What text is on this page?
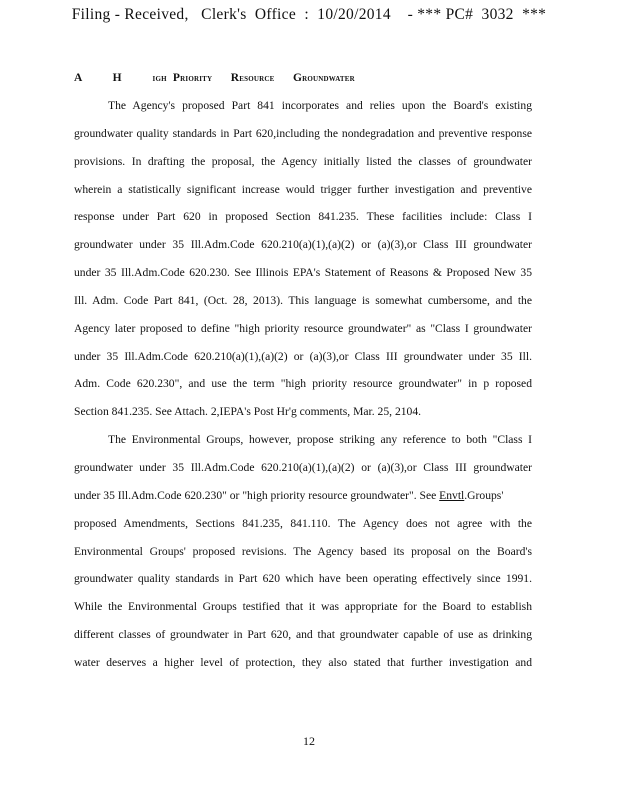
Filing - Received,   Clerk's  Office  :  10/20/2014    - *** PC#  3032  ***
A	H	IGH PRIORITY RESOURCE GROUNDWATER
The Agency's proposed Part 841 incorporates and relies upon the Board's existing
groundwater quality standards in Part 620,including the nondegradation and preventive response
provisions. In drafting the proposal, the Agency initially listed the classes of groundwater
wherein a statistically significant increase would trigger further investigation and preventive
response under Part 620 in proposed Section 841.235. These facilities include: Class I
groundwater under 35 Ill.Adm.Code 620.210(a)(1),(a)(2) or (a)(3),or Class III groundwater
under 35 Ill.Adm.Code 620.230. See Illinois EPA's Statement of Reasons & Proposed New 35
Ill. Adm. Code Part 841, (Oct. 28, 2013). This language is somewhat cumbersome, and the
Agency later proposed to define "high priority resource groundwater" as "Class I groundwater
under 35 Ill.Adm.Code 620.210(a)(1),(a)(2) or (a)(3),or Class III groundwater under 35 Ill.
Adm. Code 620.230", and use the term "high priority resource groundwater" in p roposed
Section 841.235. See Attach. 2,IEPA's Post Hr'g comments, Mar. 25, 2104.
The Environmental Groups, however, propose striking any reference to both "Class I
groundwater under 35 Ill.Adm.Code 620.210(a)(1),(a)(2) or (a)(3),or Class III groundwater
under 35 Ill.Adm.Code 620.230" or "high priority resource groundwater". See Envtl.Groups'
proposed Amendments, Sections 841.235, 841.110. The Agency does not agree with the
Environmental Groups' proposed revisions. The Agency based its proposal on the Board's
groundwater quality standards in Part 620 which have been operating effectively since 1991.
While the Environmental Groups testified that it was appropriate for the Board to establish
different classes of groundwater in Part 620, and that groundwater capable of use as drinking
water deserves a higher level of protection, they also stated that further investigation and
12
